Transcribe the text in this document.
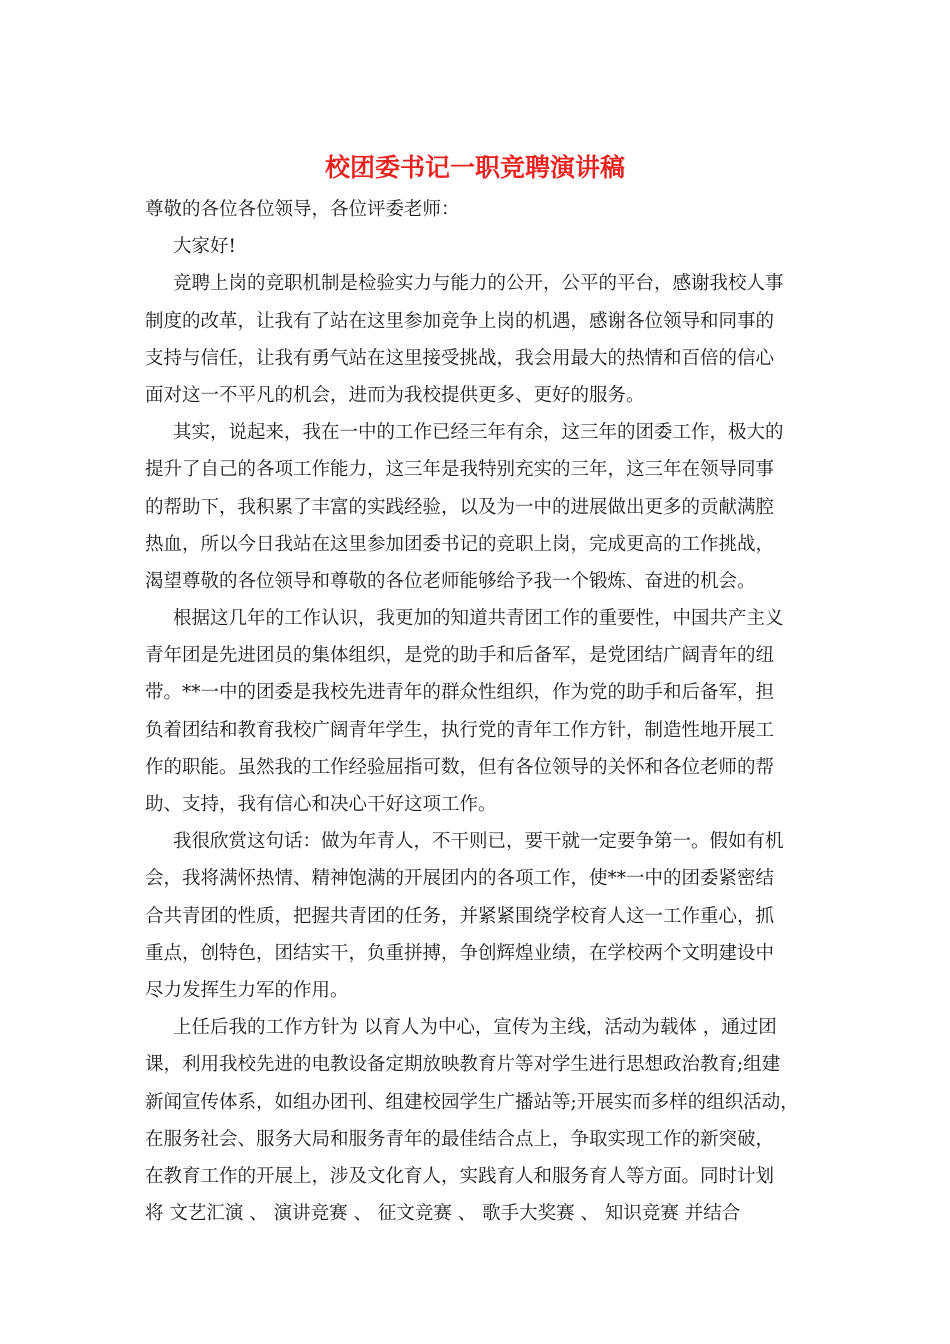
校团委书记一职竞聘演讲稿
尊敬的各位各位领导，各位评委老师：
大家好!
竞聘上岗的竞职机制是检验实力与能力的公开，公平的平台，感谢我校人事
制度的改革，让我有了站在这里参加竞争上岗的机遇，感谢各位领导和同事的
支持与信任，让我有勇气站在这里接受挑战，我会用最大的热情和百倍的信心
面对这一不平凡的机会，进而为我校提供更多、更好的服务。
其实，说起来，我在一中的工作已经三年有余，这三年的团委工作，极大的
提升了自己的各项工作能力，这三年是我特别充实的三年，这三年在领导同事
的帮助下，我积累了丰富的实践经验，以及为一中的进展做出更多的贡献满腔
热血，所以今日我站在这里参加团委书记的竞职上岗，完成更高的工作挑战，
渴望尊敬的各位领导和尊敬的各位老师能够给予我一个锻炼、奋进的机会。
根据这几年的工作认识，我更加的知道共青团工作的重要性，中国共产主义
青年团是先进团员的集体组织，是党的助手和后备军，是党团结广阔青年的纽
带。**一中的团委是我校先进青年的群众性组织，作为党的助手和后备军，担
负着团结和教育我校广阔青年学生，执行党的青年工作方针，制造性地开展工
作的职能。虽然我的工作经验屈指可数，但有各位领导的关怀和各位老师的帮
助、支持，我有信心和决心干好这项工作。
我很欣赏这句话：做为年青人，不干则已，要干就一定要争第一。假如有机
会，我将满怀热情、精神饱满的开展团内的各项工作，使**一中的团委紧密结
合共青团的性质，把握共青团的任务，并紧紧围绕学校育人这一工作重心，抓
重点，创特色，团结实干，负重拼搏，争创辉煌业绩，在学校两个文明建设中
尽力发挥生力军的作用。
上任后我的工作方针为 以育人为中心，宣传为主线，活动为载体 ，通过团
课，利用我校先进的电教设备定期放映教育片等对学生进行思想政治教育;组建
新闻宣传体系，如组办团刊、组建校园学生广播站等;开展实而多样的组织活动，
在服务社会、服务大局和服务青年的最佳结合点上，争取实现工作的新突破，
在教育工作的开展上，涉及文化育人，实践育人和服务育人等方面。同时计划
将 文艺汇演 、 演讲竞赛 、 征文竞赛 、 歌手大奖赛 、 知识竞赛 并结合
